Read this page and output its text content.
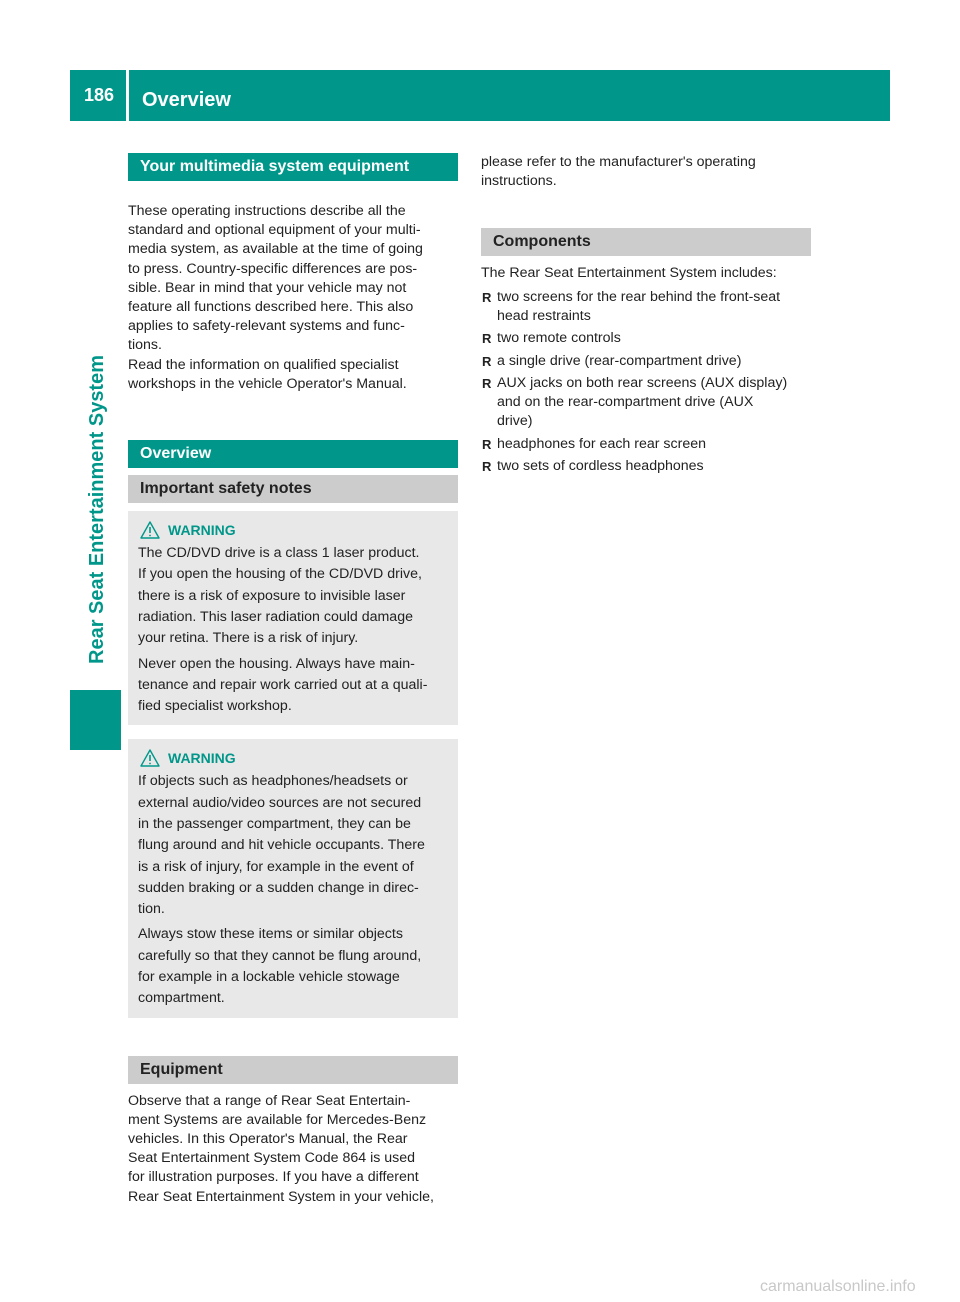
186	Overview
Rear Seat Entertainment System
Your multimedia system equipment

These operating instructions describe all the
standard and optional equipment of your multi-
media system, as available at the time of going
to press. Country-specific differences are pos-
sible. Bear in mind that your vehicle may not
feature all functions described here. This also
applies to safety-relevant systems and func-
tions.

Read the information on qualified specialist
workshops in the vehicle Operator's Manual.

Overview
Important safety notes
WARNING

The CD/DVD drive is a class 1 laser product.
If you open the housing of the CD/DVD drive,
there is a risk of exposure to invisible laser
radiation. This laser radiation could damage
your retina. There is a risk of injury.

Never open the housing. Always have main-
tenance and repair work carried out at a quali-
fied specialist workshop.

WARNING

If objects such as headphones/headsets or
external audio/video sources are not secured
in the passenger compartment, they can be
flung around and hit vehicle occupants. There
is a risk of injury, for example in the event of
sudden braking or a sudden change in direc-
tion.

Always stow these items or similar objects
carefully so that they cannot be flung around,
for example in a lockable vehicle stowage
compartment.

Equipment

Observe that a range of Rear Seat Entertain-
ment Systems are available for Mercedes-Benz
vehicles. In this Operator's Manual, the Rear
Seat Entertainment System Code 864 is used
for illustration purposes. If you have a different
Rear Seat Entertainment System in your vehicle,

please refer to the manufacturer's operating
instructions.

Components

The Rear Seat Entertainment System includes:

R two screens for the rear behind the front-seat
head restraints
R two remote controls
R a single drive (rear-compartment drive)
R AUX jacks on both rear screens (AUX display)
and on the rear-compartment drive (AUX
drive)
R headphones for each rear screen
R two sets of cordless headphones
carmanualsonline.info
